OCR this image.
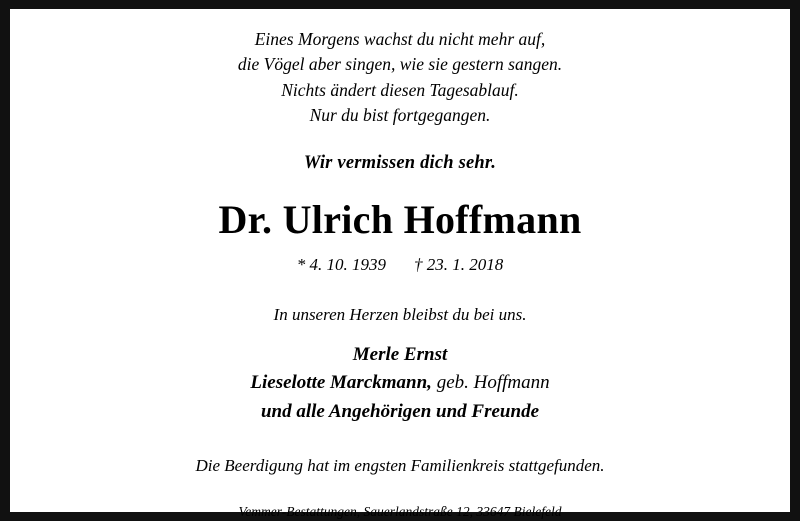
Eines Morgens wachst du nicht mehr auf,
die Vögel aber singen, wie sie gestern sangen.
Nichts ändert diesen Tagesablauf.
Nur du bist fortgegangen.
Wir vermissen dich sehr.
Dr. Ulrich Hoffmann
* 4. 10. 1939 † 23. 1. 2018
In unseren Herzen bleibst du bei uns.
Merle Ernst
Lieselotte Marckmann, geb. Hoffmann
und alle Angehörigen und Freunde
Die Beerdigung hat im engsten Familienkreis stattgefunden.
Vemmer-Bestattungen, Sauerlandstraße 12, 33647 Bielefeld
